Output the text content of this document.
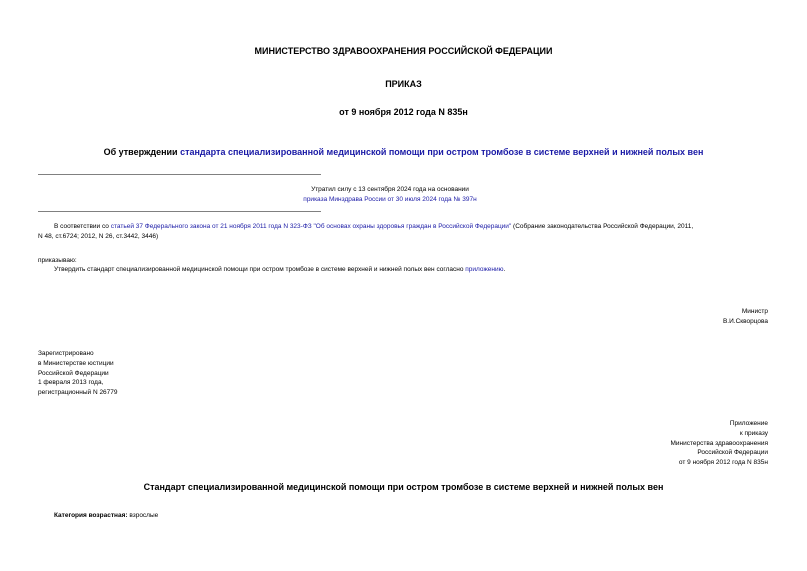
МИНИСТЕРСТВО ЗДРАВООХРАНЕНИЯ РОССИЙСКОЙ ФЕДЕРАЦИИ
ПРИКАЗ
от 9 ноября 2012 года N 835н
Об утверждении стандарта специализированной медицинской помощи при остром тромбозе в системе верхней и нижней полых вен
Утратил силу с 13 сентября 2024 года на основании
приказа Минздрава России от 30 июля 2024 года № 397н
В соответствии со статьей 37 Федерального закона от 21 ноября 2011 года N 323-ФЗ "Об основах охраны здоровья граждан в Российской Федерации" (Собрание законодательства Российской Федерации, 2011,
N 48, ст.6724; 2012, N 26, ст.3442, 3446)
приказываю:
Утвердить стандарт специализированной медицинской помощи при остром тромбозе в системе верхней и нижней полых вен согласно приложению.
Министр
В.И.Скворцова
Зарегистрировано
в Министерстве юстиции
Российской Федерации
1 февраля 2013 года,
регистрационный N 26779
Приложение
к приказу
Министерства здравоохранения
Российской Федерации
от 9 ноября 2012 года N 835н
Стандарт специализированной медицинской помощи при остром тромбозе в системе верхней и нижней полых вен
Категория возрастная: взрослые
